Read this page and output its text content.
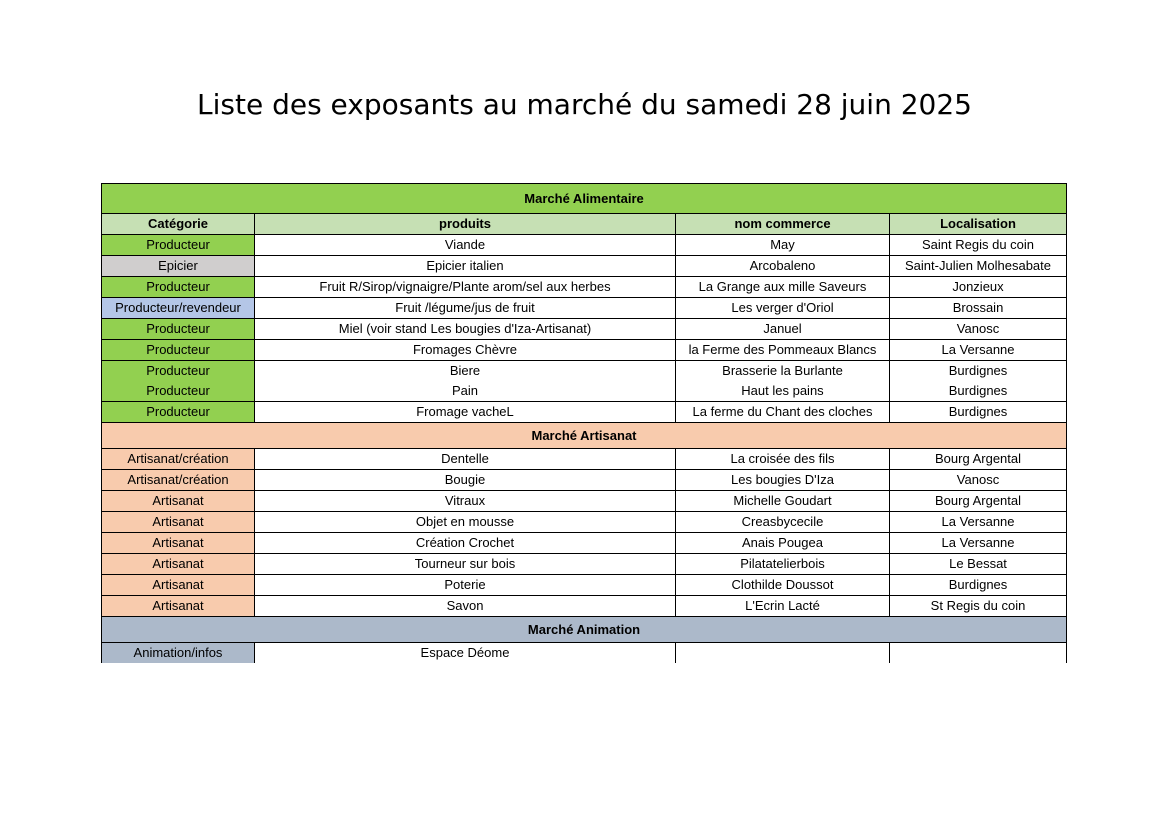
Liste des exposants au marché du samedi 28 juin 2025
Marché Alimentaire			
Catégorie	produits	nom commerce	Localisation
Producteur	Viande	May	Saint Regis du coin
Epicier	Epicier italien	Arcobaleno	Saint-Julien Molhesabate
Producteur	Fruit R/Sirop/vignaigre/Plante arom/sel aux herbes	La Grange aux mille Saveurs	Jonzieux
Producteur/revendeur	Fruit /légume/jus de fruit	Les verger d'Oriol	Brossain
Producteur	Miel (voir stand Les bougies d'Iza-Artisanat)	Januel	Vanosc
Producteur	Fromages Chèvre	la Ferme des Pommeaux Blancs	La Versanne
Producteur	Biere	Brasserie la Burlante	Burdignes
Producteur	Pain	Haut les pains	Burdignes
Producteur	Fromage vacheL	La ferme du Chant des cloches	Burdignes
Marché Artisanat			
Artisanat/création	Dentelle	La croisée des fils	Bourg Argental
Artisanat/création	Bougie	Les bougies D'Iza	Vanosc
Artisanat	Vitraux	Michelle Goudart	Bourg Argental
Artisanat	Objet en mousse	Creasbycecile	La Versanne
Artisanat	Création Crochet	Anais Pougea	La Versanne
Artisanat	Tourneur sur bois	Pilatatelierbois	Le Bessat
Artisanat	Poterie	Clothilde Doussot	Burdignes
Artisanat	Savon	L'Ecrin Lacté	St Regis du coin
Marché Animation			
Animation/infos	Espace Déome		
